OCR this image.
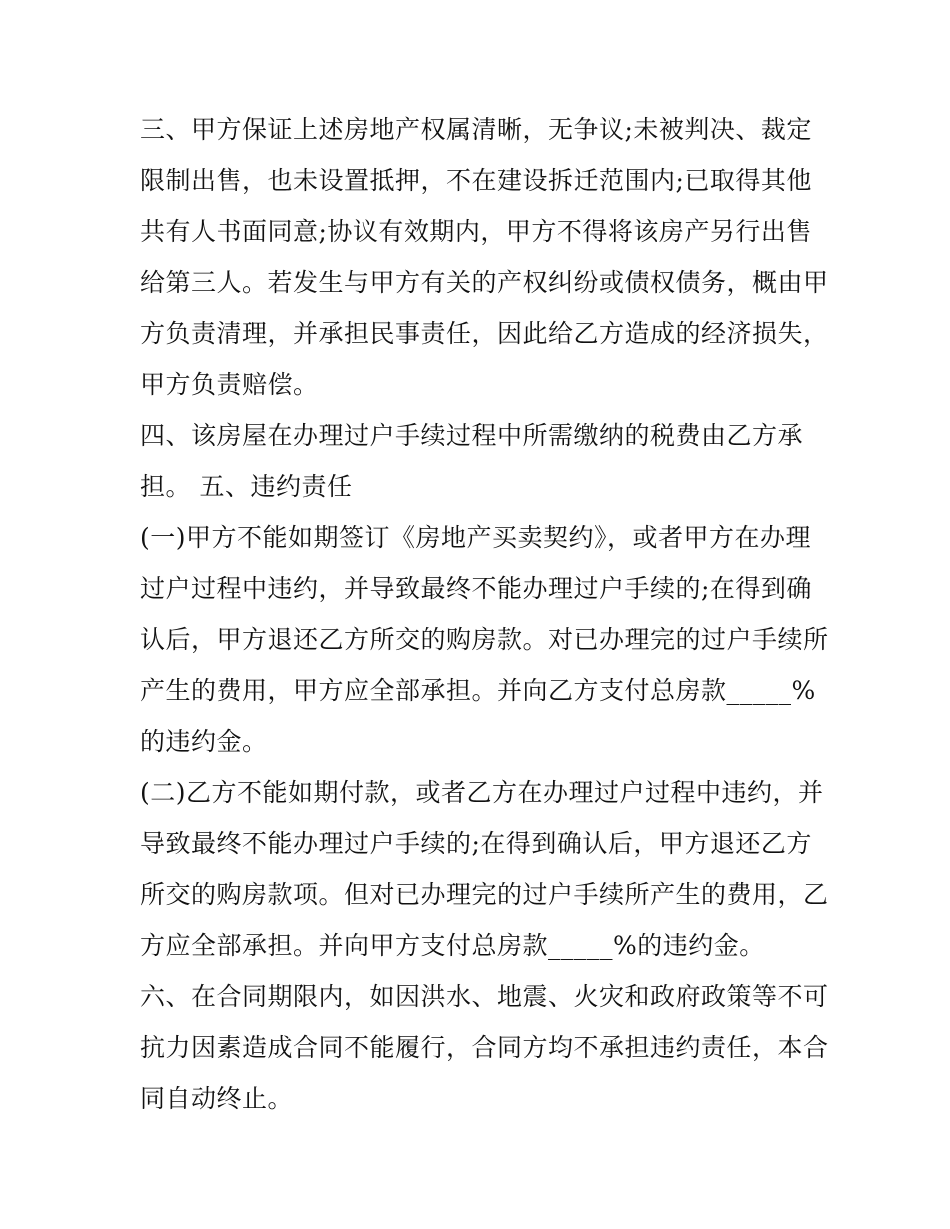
三、甲方保证上述房地产权属清晰，无争议;未被判决、裁定
限制出售，也未设置抵押，不在建设拆迁范围内;已取得其他
共有人书面同意;协议有效期内，甲方不得将该房产另行出售
给第三人。若发生与甲方有关的产权纠纷或债权债务，概由甲
方负责清理，并承担民事责任，因此给乙方造成的经济损失，
甲方负责赔偿。
四、该房屋在办理过户手续过程中所需缴纳的税费由乙方承
担。 五、违约责任
(一)甲方不能如期签订《房地产买卖契约》，或者甲方在办理
过户过程中违约，并导致最终不能办理过户手续的;在得到确
认后，甲方退还乙方所交的购房款。对已办理完的过户手续所
产生的费用，甲方应全部承担。并向乙方支付总房款_____%
的违约金。
(二)乙方不能如期付款，或者乙方在办理过户过程中违约，并
导致最终不能办理过户手续的;在得到确认后，甲方退还乙方
所交的购房款项。但对已办理完的过户手续所产生的费用，乙
方应全部承担。并向甲方支付总房款_____%的违约金。
六、在合同期限内，如因洪水、地震、火灾和政府政策等不可
抗力因素造成合同不能履行，合同方均不承担违约责任，本合
同自动终止。
